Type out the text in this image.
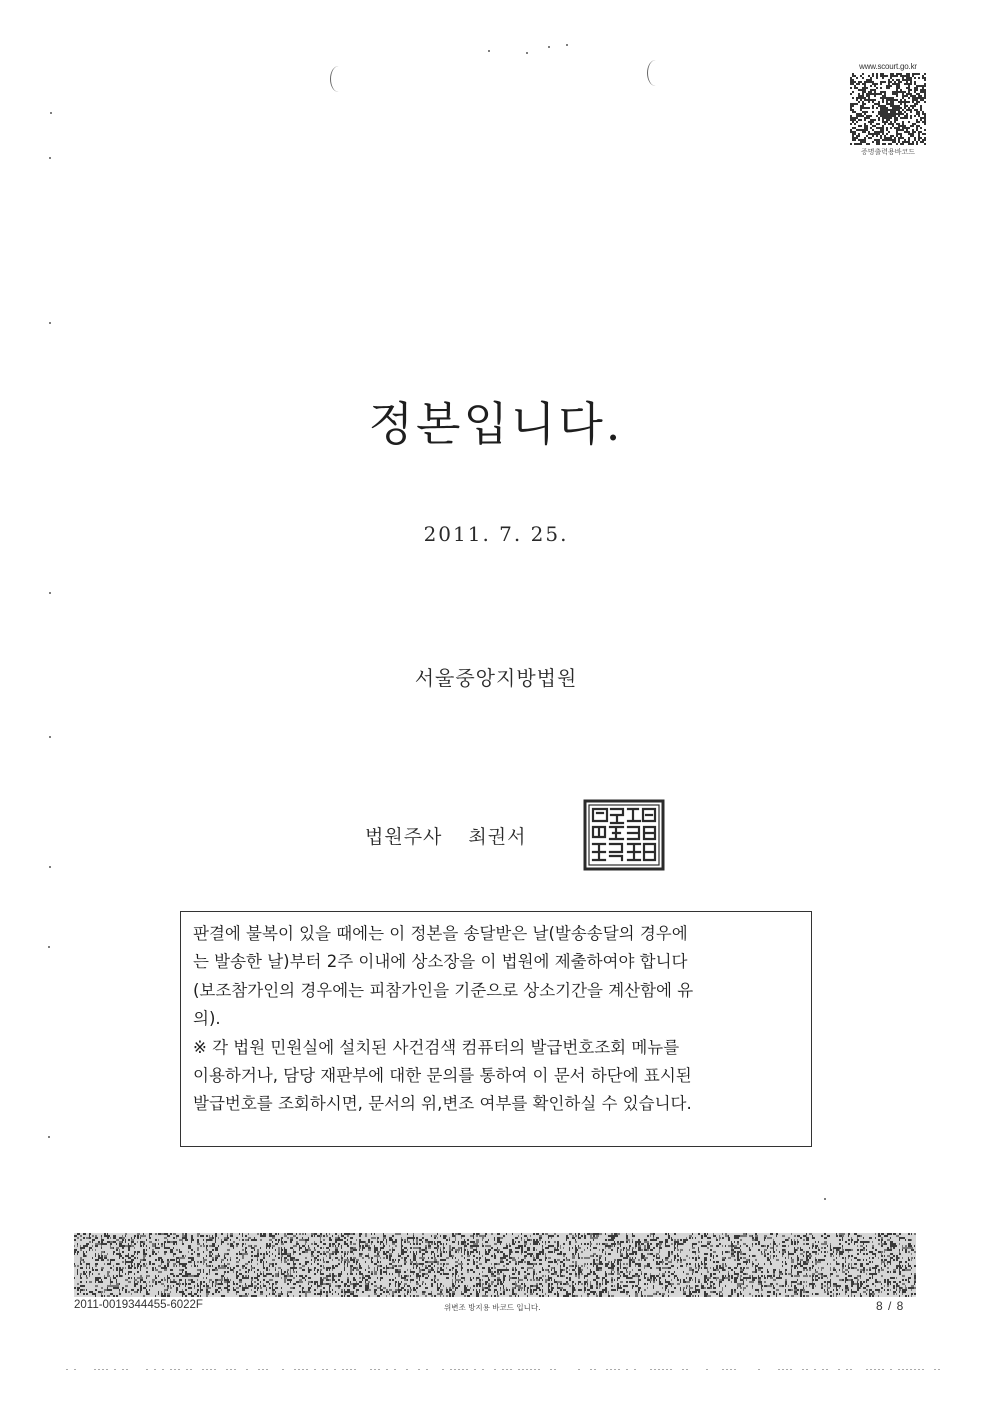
www.scourt.go.kr
증명출력용바코드
정본입니다.
2011. 7. 25.
서울중앙지방법원
법원주사 최권서

판결에 불복이 있을 때에는 이 정본을 송달받은 날(발송송달의 경우에

는 발송한 날)부터 2주 이내에 상소장을 이 법원에 제출하여야 합니다

(보조참가인의 경우에는 피참가인을 기준으로 상소기간을 계산함에 유

의).

※ 각 법원 민원실에 설치된 사건검색 컴퓨터의 발급번호조회 메뉴를

이용하거나, 담당 재판부에 대한 문의를 통하여 이 문서 하단에 표시된

발급번호를 조회하시면, 문서의 위,변조 여부를 확인하실 수 있습니다.

2011-0019344455-6022F	위변조 방지용 바코드 입니다.	8 / 8
